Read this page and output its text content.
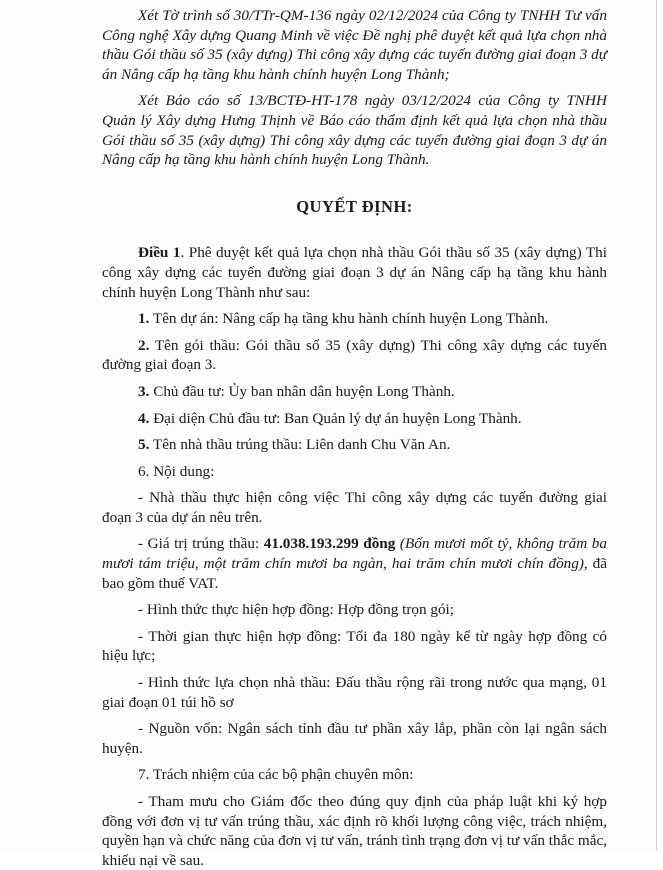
Xét Tờ trình số 30/TTr-QM-136 ngày 02/12/2024 của Công ty TNHH Tư vấn Công nghệ Xây dựng Quang Minh về việc Đề nghị phê duyệt kết quả lựa chọn nhà thầu Gói thầu số 35 (xây dựng) Thi công xây dựng các tuyến đường giai đoạn 3 dự án Nâng cấp hạ tầng khu hành chính huyện Long Thành;

Xét Báo cáo số 13/BCTĐ-HT-178 ngày 03/12/2024 của Công ty TNHH Quản lý Xây dựng Hưng Thịnh về Báo cáo thẩm định kết quả lựa chọn nhà thầu Gói thầu số 35 (xây dựng) Thi công xây dựng các tuyến đường giai đoạn 3 dự án Nâng cấp hạ tầng khu hành chính huyện Long Thành.

QUYẾT ĐỊNH:

Điều 1. Phê duyệt kết quả lựa chọn nhà thầu Gói thầu số 35 (xây dựng) Thi công xây dựng các tuyến đường giai đoạn 3 dự án Nâng cấp hạ tầng khu hành chính huyện Long Thành như sau:

1. Tên dự án: Nâng cấp hạ tầng khu hành chính huyện Long Thành.

2. Tên gói thầu: Gói thầu số 35 (xây dựng) Thi công xây dựng các tuyến đường giai đoạn 3.

3. Chủ đầu tư: Ủy ban nhân dân huyện Long Thành.

4. Đại diện Chủ đầu tư: Ban Quản lý dự án huyện Long Thành.

5. Tên nhà thầu trúng thầu: Liên danh Chu Văn An.

6. Nội dung:

- Nhà thầu thực hiện công việc Thi công xây dựng các tuyến đường giai đoạn 3 của dự án nêu trên.

- Giá trị trúng thầu: 41.038.193.299 đồng (Bốn mươi mốt tỷ, không trăm ba mươi tám triệu, một trăm chín mươi ba ngàn, hai trăm chín mươi chín đồng), đã bao gồm thuế VAT.

- Hình thức thực hiện hợp đồng: Hợp đồng trọn gói;

- Thời gian thực hiện hợp đồng: Tối đa 180 ngày kể từ ngày hợp đồng có hiệu lực;

- Hình thức lựa chọn nhà thầu: Đấu thầu rộng rãi trong nước qua mạng, 01 giai đoạn 01 túi hồ sơ

- Nguồn vốn: Ngân sách tỉnh đầu tư phần xây lắp, phần còn lại ngân sách huyện.

7. Trách nhiệm của các bộ phận chuyên môn:

- Tham mưu cho Giám đốc theo đúng quy định của pháp luật khi ký hợp đồng với đơn vị tư vấn trúng thầu, xác định rõ khối lượng công việc, trách nhiệm, quyền hạn và chức năng của đơn vị tư vấn, tránh tình trạng đơn vị tư vấn thắc mắc, khiếu nại về sau.
